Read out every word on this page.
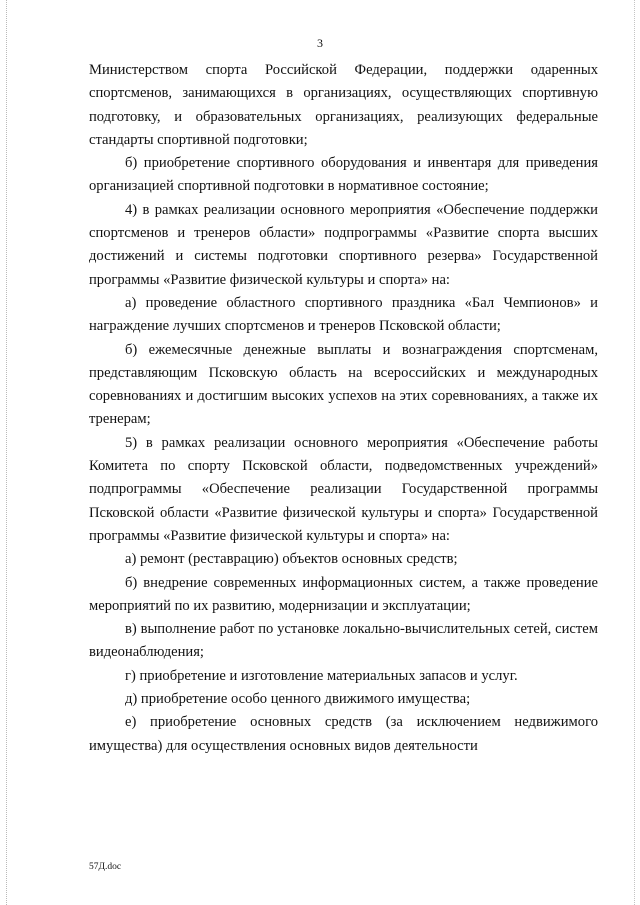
3

Министерством спорта Российской Федерации, поддержки одаренных спортсменов, занимающихся в организациях, осуществляющих спортивную подготовку, и образовательных организациях, реализующих федеральные стандарты спортивной подготовки;

б) приобретение спортивного оборудования и инвентаря для приведения организацией спортивной подготовки в нормативное состояние;

4) в рамках реализации основного мероприятия «Обеспечение поддержки спортсменов и тренеров области» подпрограммы «Развитие спорта высших достижений и системы подготовки спортивного резерва» Государственной программы «Развитие физической культуры и спорта» на:

а) проведение областного спортивного праздника «Бал Чемпионов» и награждение лучших спортсменов и тренеров Псковской области;

б) ежемесячные денежные выплаты и вознаграждения спортсменам, представляющим Псковскую область на всероссийских и международных соревнованиях и достигшим высоких успехов на этих соревнованиях, а также их тренерам;

5) в рамках реализации основного мероприятия «Обеспечение работы Комитета по спорту Псковской области, подведомственных учреждений» подпрограммы «Обеспечение реализации Государственной программы Псковской области «Развитие физической культуры и спорта» Государственной программы «Развитие физической культуры и спорта» на:

а) ремонт (реставрацию) объектов основных средств;

б) внедрение современных информационных систем, а также проведение мероприятий по их развитию, модернизации и эксплуатации;

в) выполнение работ по установке локально-вычислительных сетей, систем видеонаблюдения;

г) приобретение и изготовление материальных запасов и услуг.

д) приобретение особо ценного движимого имущества;

е) приобретение основных средств (за исключением недвижимого имущества) для осуществления основных видов деятельности

57Д.doc
